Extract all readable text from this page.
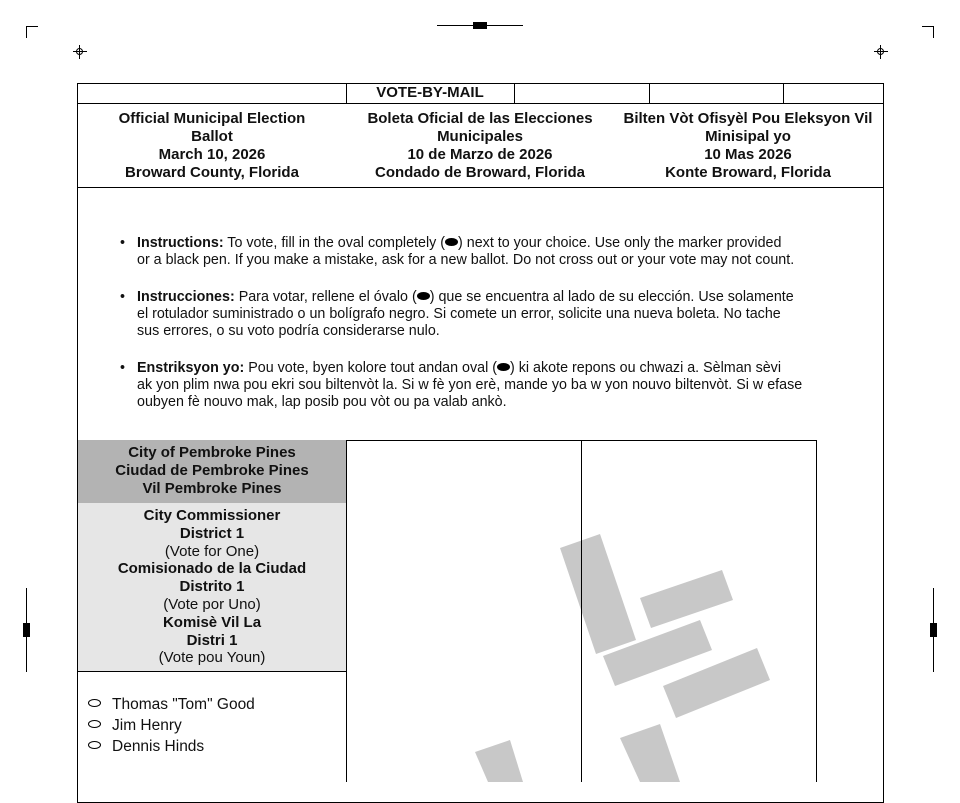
VOTE-BY-MAIL
Official Municipal Election
Ballot
March 10, 2026
Broward County, Florida
Boleta Oficial de las Elecciones
Municipales
10 de Marzo de 2026
Condado de Broward, Florida
Bilten Vòt Ofisyèl Pou Eleksyon Vil
Minisipal yo
10 Mas 2026
Konte Broward, Florida
• Instructions: To vote, fill in the oval completely ( ) next to your choice. Use only the marker provided
or a black pen. If you make a mistake, ask for a new ballot. Do not cross out or your vote may not count.
• Instrucciones: Para votar, rellene el óvalo ( ) que se encuentra al lado de su elección. Use solamente
el rotulador suministrado o un bolígrafo negro. Si comete un error, solicite una nueva boleta. No tache
sus errores, o su voto podría considerarse nulo.
• Enstriksyon yo: Pou vote, byen kolore tout andan oval ( ) ki akote repons ou chwazi a. Sèlman sèvi
ak yon plim nwa pou ekri sou biltenvòt la. Si w fè yon erè, mande yo ba w yon nouvo biltenvòt. Si w efase
oubyen fè nouvo mak, lap posib pou vòt ou pa valab ankò.
City of Pembroke Pines
Ciudad de Pembroke Pines
Vil Pembroke Pines
City Commissioner
District 1
(Vote for One)
Comisionado de la Ciudad
Distrito 1
(Vote por Uno)
Komisè Vil La
Distri 1
(Vote pou Youn)
Thomas "Tom" Good
Jim Henry
Dennis Hinds
